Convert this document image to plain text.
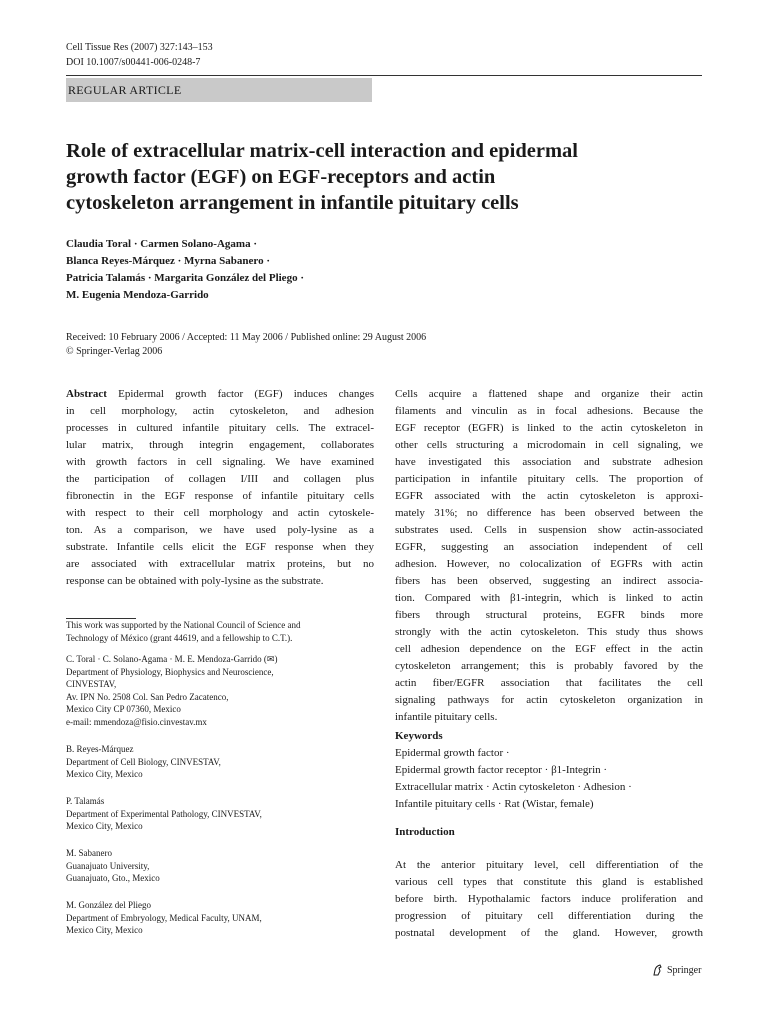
Cell Tissue Res (2007) 327:143–153
DOI 10.1007/s00441-006-0248-7
REGULAR ARTICLE
Role of extracellular matrix-cell interaction and epidermal
growth factor (EGF) on EGF-receptors and actin
cytoskeleton arrangement in infantile pituitary cells
Claudia Toral · Carmen Solano-Agama ·
Blanca Reyes-Márquez · Myrna Sabanero ·
Patricia Talamás · Margarita González del Pliego ·
M. Eugenia Mendoza-Garrido
Received: 10 February 2006 / Accepted: 11 May 2006 / Published online: 29 August 2006
© Springer-Verlag 2006
Abstract Epidermal growth factor (EGF) induces changes
in cell morphology, actin cytoskeleton, and adhesion
processes in cultured infantile pituitary cells. The extracel-
lular matrix, through integrin engagement, collaborates
with growth factors in cell signaling. We have examined
the participation of collagen I/III and collagen plus
fibronectin in the EGF response of infantile pituitary cells
with respect to their cell morphology and actin cytoskele-
ton. As a comparison, we have used poly-lysine as a
substrate. Infantile cells elicit the EGF response when they
are associated with extracellular matrix proteins, but no
response can be obtained with poly-lysine as the substrate.
This work was supported by the National Council of Science and
Technology of México (grant 44619, and a fellowship to C.T.).
C. Toral · C. Solano-Agama · M. E. Mendoza-Garrido (✉)
Department of Physiology, Biophysics and Neuroscience,
CINVESTAV,
Av. IPN No. 2508 Col. San Pedro Zacatenco,
Mexico City CP 07360, Mexico
e-mail: mmendoza@fisio.cinvestav.mx
B. Reyes-Márquez
Department of Cell Biology, CINVESTAV,
Mexico City, Mexico
P. Talamás
Department of Experimental Pathology, CINVESTAV,
Mexico City, Mexico
M. Sabanero
Guanajuato University,
Guanajuato, Gto., Mexico
M. González del Pliego
Department of Embryology, Medical Faculty, UNAM,
Mexico City, Mexico
Cells acquire a flattened shape and organize their actin
filaments and vinculin as in focal adhesions. Because the
EGF receptor (EGFR) is linked to the actin cytoskeleton in
other cells structuring a microdomain in cell signaling, we
have investigated this association and substrate adhesion
participation in infantile pituitary cells. The proportion of
EGFR associated with the actin cytoskeleton is approxi-
mately 31%; no difference has been observed between the
substrates used. Cells in suspension show actin-associated
EGFR, suggesting an association independent of cell
adhesion. However, no colocalization of EGFRs with actin
fibers has been observed, suggesting an indirect associa-
tion. Compared with β1-integrin, which is linked to actin
fibers through structural proteins, EGFR binds more
strongly with the actin cytoskeleton. This study thus shows
cell adhesion dependence on the EGF effect in the actin
cytoskeleton arrangement; this is probably favored by the
actin fiber/EGFR association that facilitates the cell
signaling pathways for actin cytoskeleton organization in
infantile pituitary cells.
Keywords
Epidermal growth factor ·
Epidermal growth factor receptor · β1-Integrin ·
Extracellular matrix · Actin cytoskeleton · Adhesion ·
Infantile pituitary cells · Rat (Wistar, female)
Introduction
At the anterior pituitary level, cell differentiation of the
various cell types that constitute this gland is established
before birth. Hypothalamic factors induce proliferation and
progression of pituitary cell differentiation during the
postnatal development of the gland. However, growth
Springer
